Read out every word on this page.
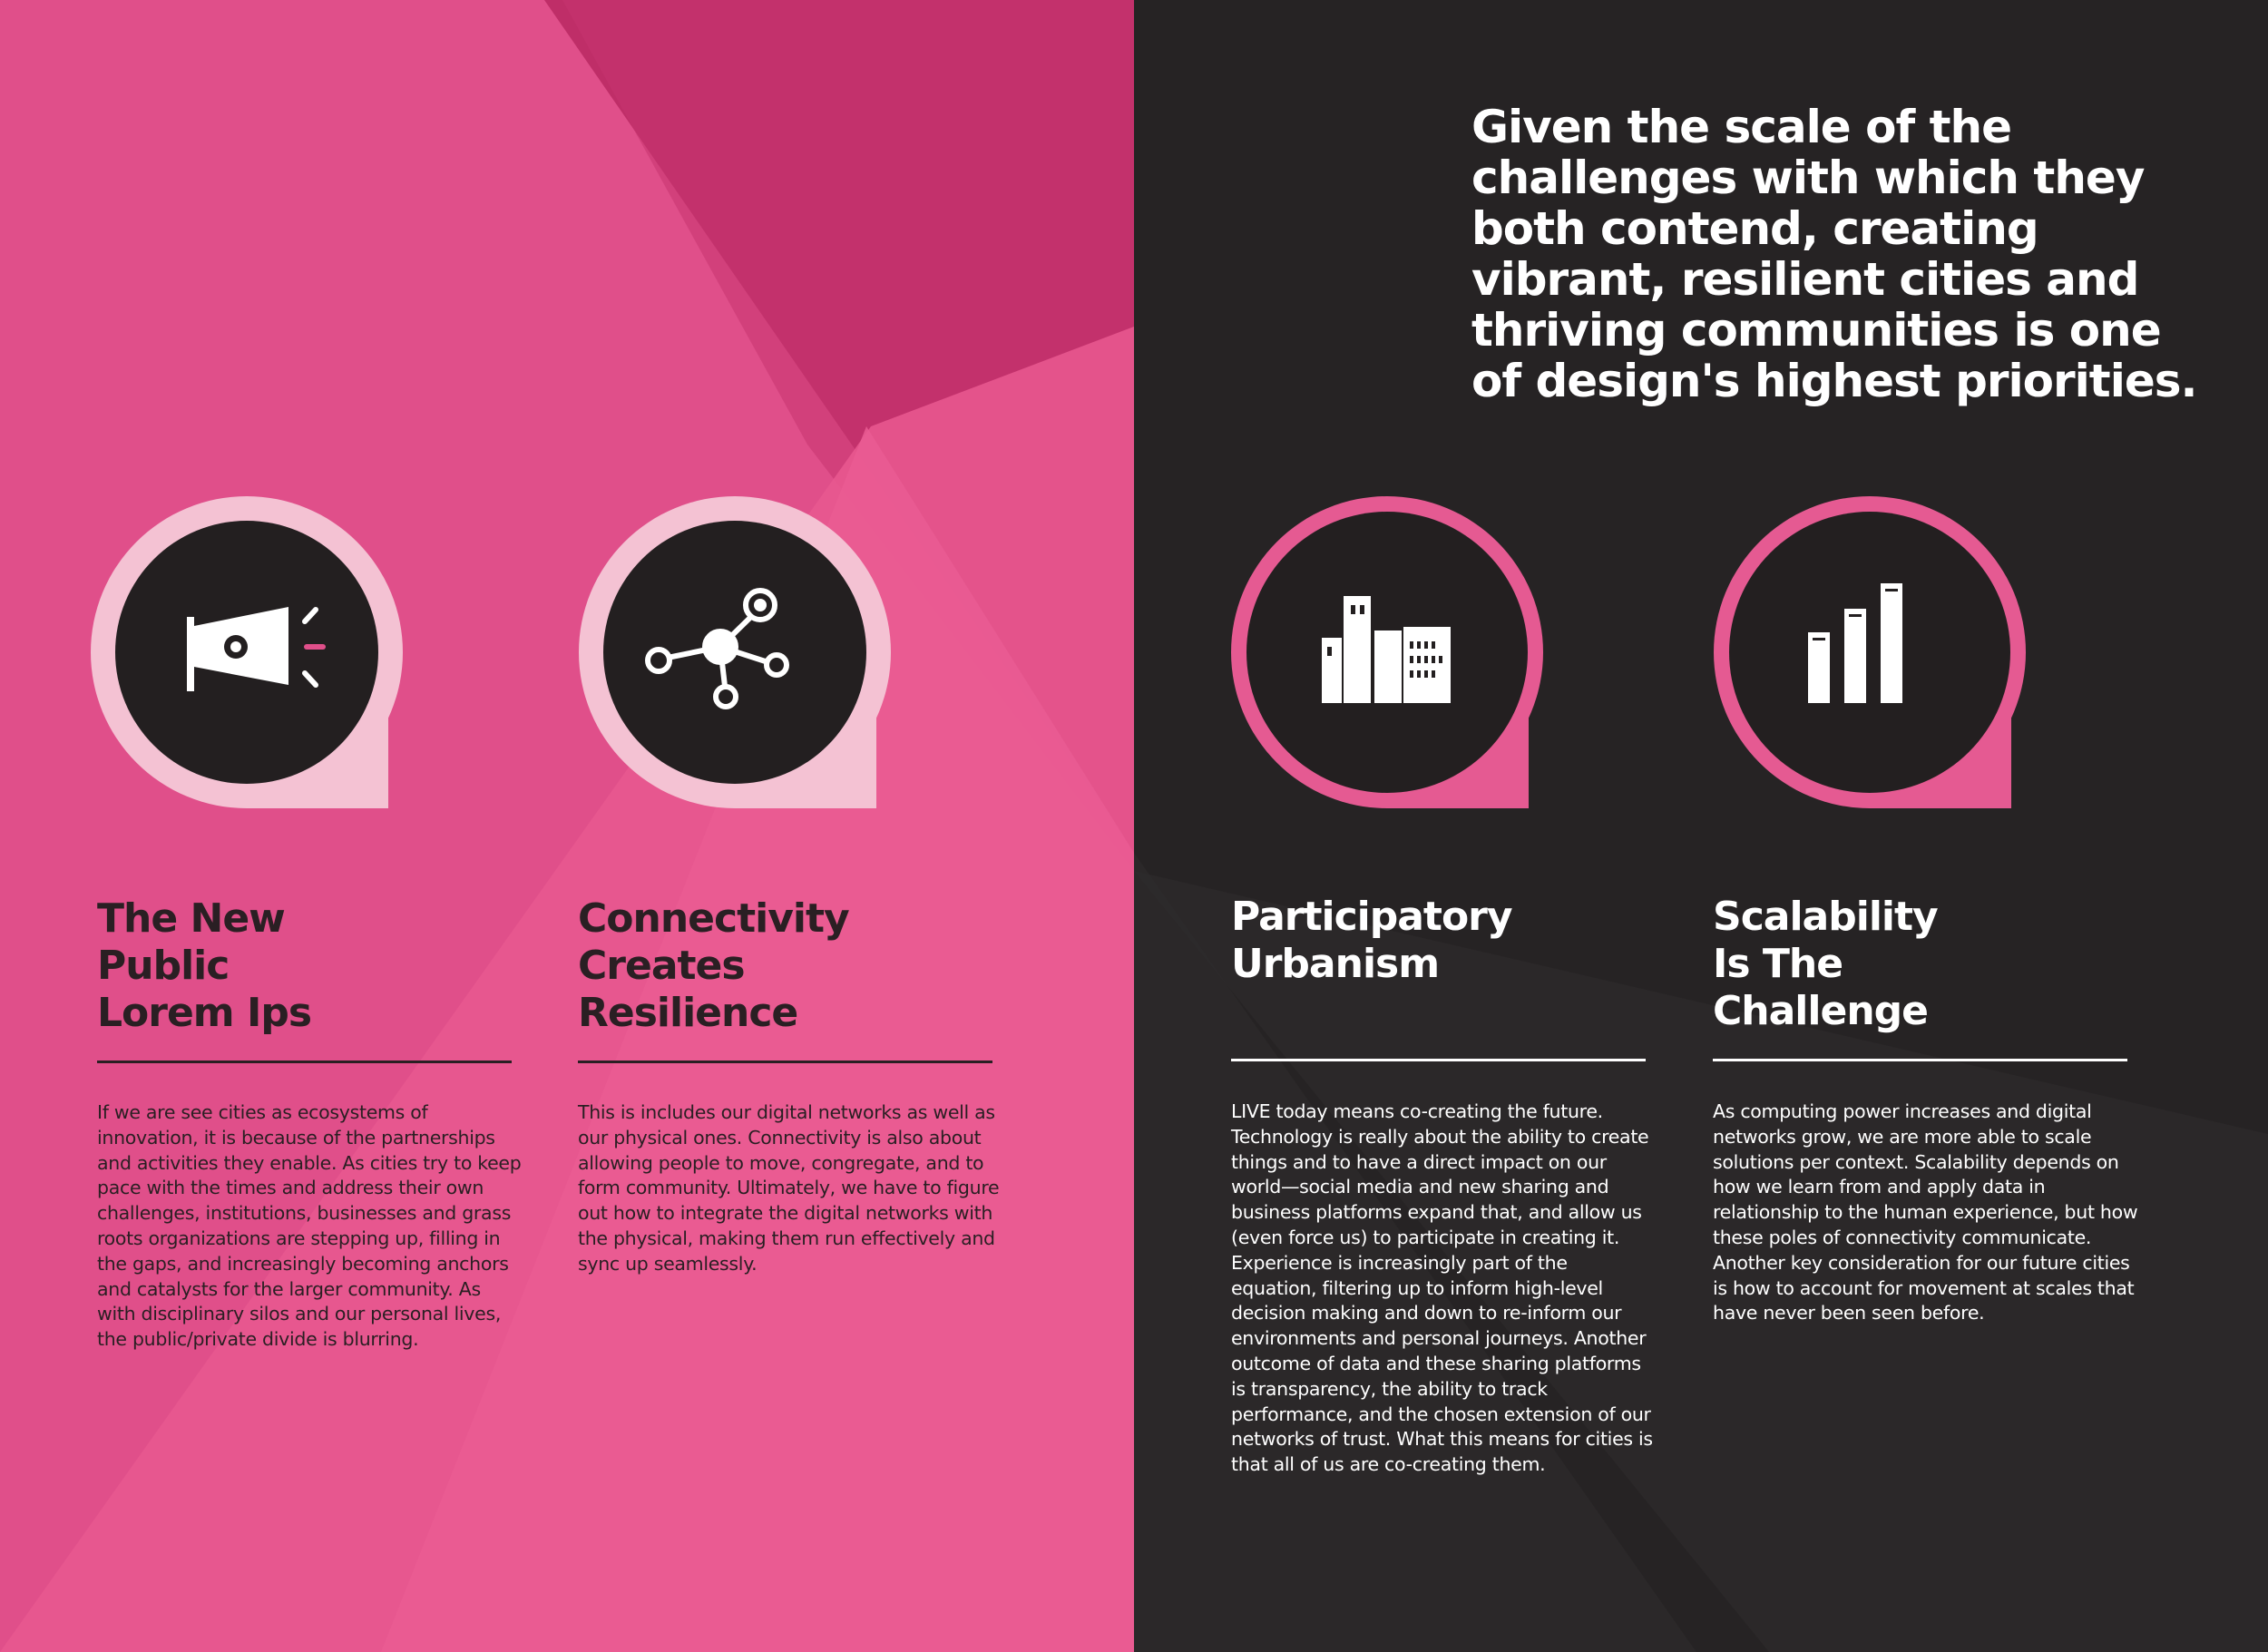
Given the scale of the challenges with which they both contend, creating vibrant, resilient cities and thriving communities is one of design's highest priorities.

The New
Public
Lorem Ips

If we are see cities as ecosystems of innovation, it is because of the partnerships and activities they enable. As cities try to keep pace with the times and address their own challenges, institutions, businesses and grass roots organizations are stepping up, filling in the gaps, and increasingly becoming anchors and catalysts for the larger community. As with disciplinary silos and our personal lives, the public/private divide is blurring.

Connectivity
Creates
Resilience

This is includes our digital networks as well as our physical ones. Connectivity is also about allowing people to move, congregate, and to form community. Ultimately, we have to figure out how to integrate the digital networks with the physical, making them run effectively and sync up seamlessly.

Participatory
Urbanism

LIVE today means co-creating the future. Technology is really about the ability to create things and to have a direct impact on our world—social media and new sharing and business platforms expand that, and allow us (even force us) to participate in creating it. Experience is increasingly part of the equation, filtering up to inform high-level decision making and down to re-inform our environments and personal journeys. Another outcome of data and these sharing platforms is transparency, the ability to track performance, and the chosen extension of our networks of trust. What this means for cities is that all of us are co-creating them.

Scalability
Is The
Challenge

As computing power increases and digital networks grow, we are more able to scale solutions per context. Scalability depends on how we learn from and apply data in relationship to the human experience, but how these poles of connectivity communicate. Another key consideration for our future cities is how to account for movement at scales that have never been seen before.
